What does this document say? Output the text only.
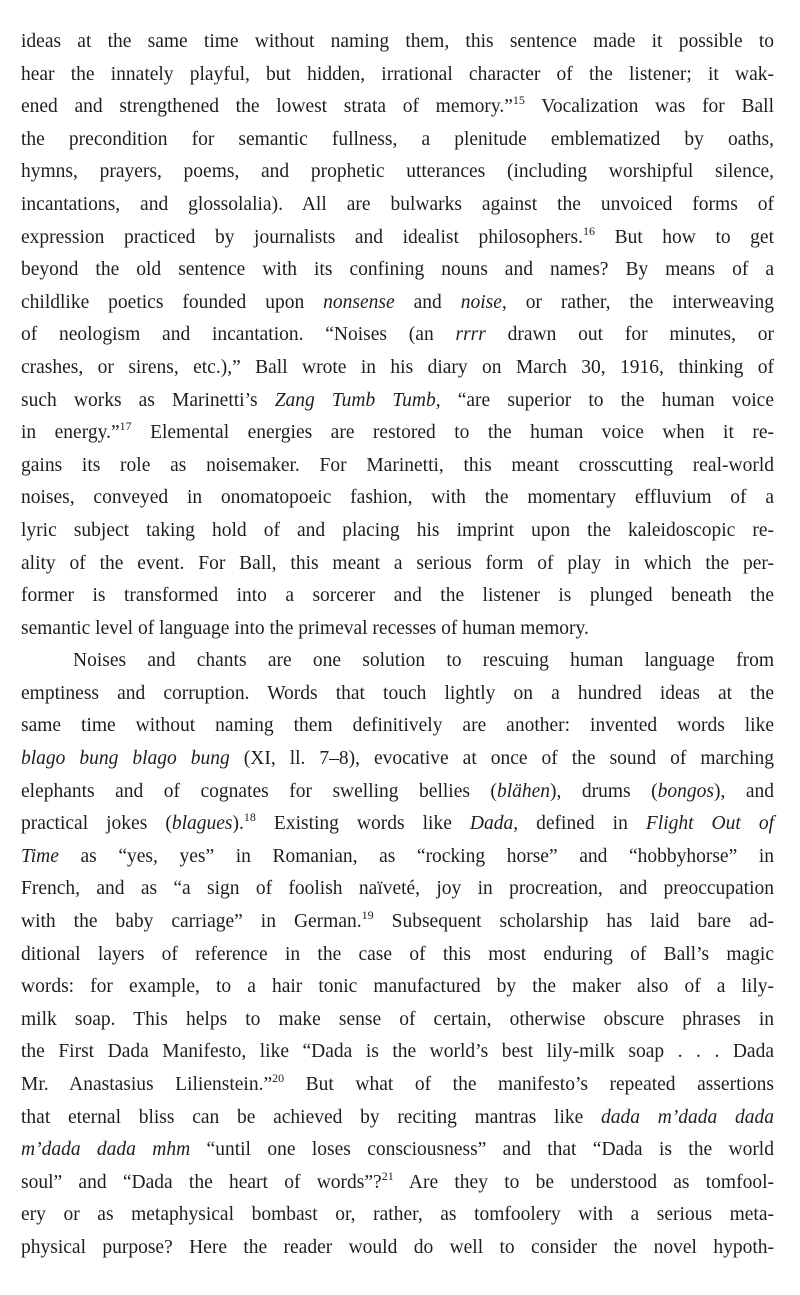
ideas at the same time without naming them, this sentence made it possible to
hear the innately playful, but hidden, irrational character of the listener; it wak-
ened and strengthened the lowest strata of memory.”$^{15}$ Vocalization was for Ball
the precondition for semantic fullness, a plenitude emblematized by oaths,
hymns, prayers, poems, and prophetic utterances (including worshipful silence,
incantations, and glossolalia). All are bulwarks against the unvoiced forms of
expression practiced by journalists and idealist philosophers.$^{16}$ But how to get
beyond the old sentence with its confining nouns and names? By means of a
childlike poetics founded upon nonsense and noise, or rather, the interweaving
of neologism and incantation. “Noises (an rrrr drawn out for minutes, or
crashes, or sirens, etc.),” Ball wrote in his diary on March 30, 1916, thinking of
such works as Marinetti’s Zang Tumb Tumb, “are superior to the human voice
in energy.”$^{17}$ Elemental energies are restored to the human voice when it re-
gains its role as noisemaker. For Marinetti, this meant crosscutting real-world
noises, conveyed in onomatopoeic fashion, with the momentary effluvium of a
lyric subject taking hold of and placing his imprint upon the kaleidoscopic re-
ality of the event. For Ball, this meant a serious form of play in which the per-
former is transformed into a sorcerer and the listener is plunged beneath the
semantic level of language into the primeval recesses of human memory.

Noises and chants are one solution to rescuing human language from
emptiness and corruption. Words that touch lightly on a hundred ideas at the
same time without naming them definitively are another: invented words like
blago bung blago bung (XI, ll. 7–8), evocative at once of the sound of marching
elephants and of cognates for swelling bellies (blähen), drums (bongos), and
practical jokes (blagues).$^{18}$ Existing words like Dada, defined in Flight Out of
Time as “yes, yes” in Romanian, as “rocking horse” and “hobbyhorse” in
French, and as “a sign of foolish naïveté, joy in procreation, and preoccupation
with the baby carriage” in German.$^{19}$ Subsequent scholarship has laid bare ad-
ditional layers of reference in the case of this most enduring of Ball’s magic
words: for example, to a hair tonic manufactured by the maker also of a lily-
milk soap. This helps to make sense of certain, otherwise obscure phrases in
the First Dada Manifesto, like “Dada is the world’s best lily-milk soap . . . Dada
Mr. Anastasius Lilienstein.”$^{20}$ But what of the manifesto’s repeated assertions
that eternal bliss can be achieved by reciting mantras like dada m’dada dada
m’dada dada mhm “until one loses consciousness” and that “Dada is the world
soul” and “Dada the heart of words”?$^{21}$ Are they to be understood as tomfool-
ery or as metaphysical bombast or, rather, as tomfoolery with a serious meta-
physical purpose? Here the reader would do well to consider the novel hypoth-
